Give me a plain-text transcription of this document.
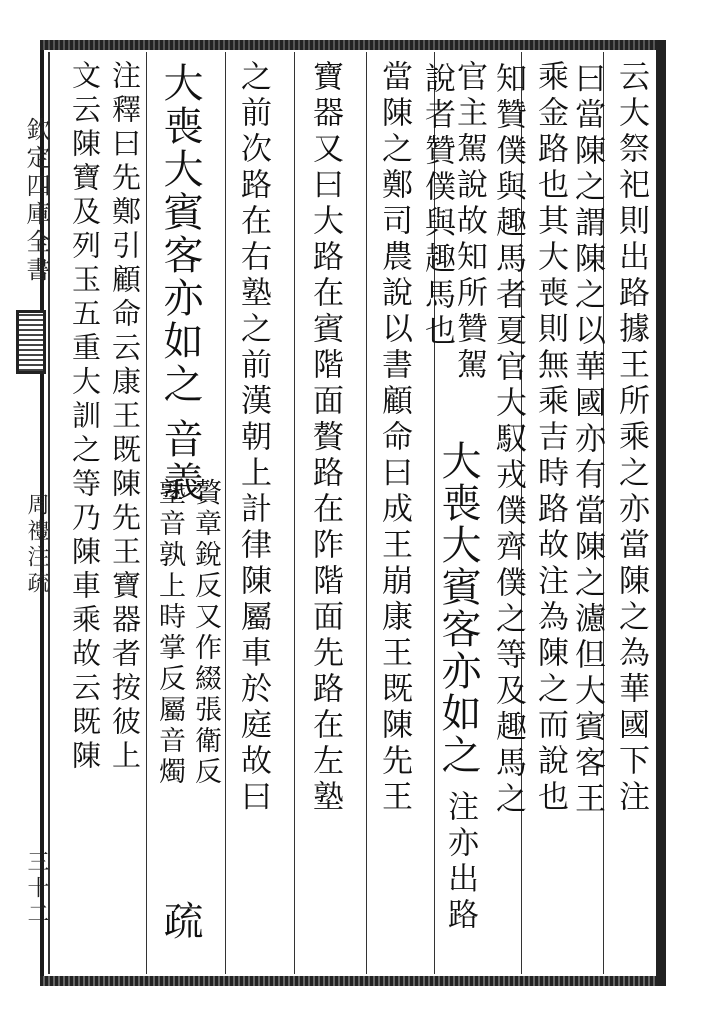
欽定四庫全書
周禮注疏
三十二
云大祭祀則出路據王所乘之亦當陳之為華國下注
曰當陳之謂陳之以華國亦有當陳之濾但大賓客王
乘金路也其大喪則無乘吉時路故注為陳之而說也
知贊僕與趣馬者夏官大馭戎僕齊僕之等及趣馬之
官主駕說故知所贊駕
說者贊僕與趣馬也
大喪大賓客亦如之
注亦出路
當陳之鄭司農說以書顧命曰成王崩康王既陳先王
寶器又曰大路在賓階面贅路在阼階面先路在左塾
之前次路在右塾之前漢朝上計律陳屬車於庭故曰
大喪大賓客亦如之
音義
疏
贅章銳反又作綴張衛反
塾音孰上時掌反屬音燭
注釋曰先鄭引顧命云康王既陳先王寶器者按彼上
文云陳寶及列玉五重大訓之等乃陳車乘故云既陳
